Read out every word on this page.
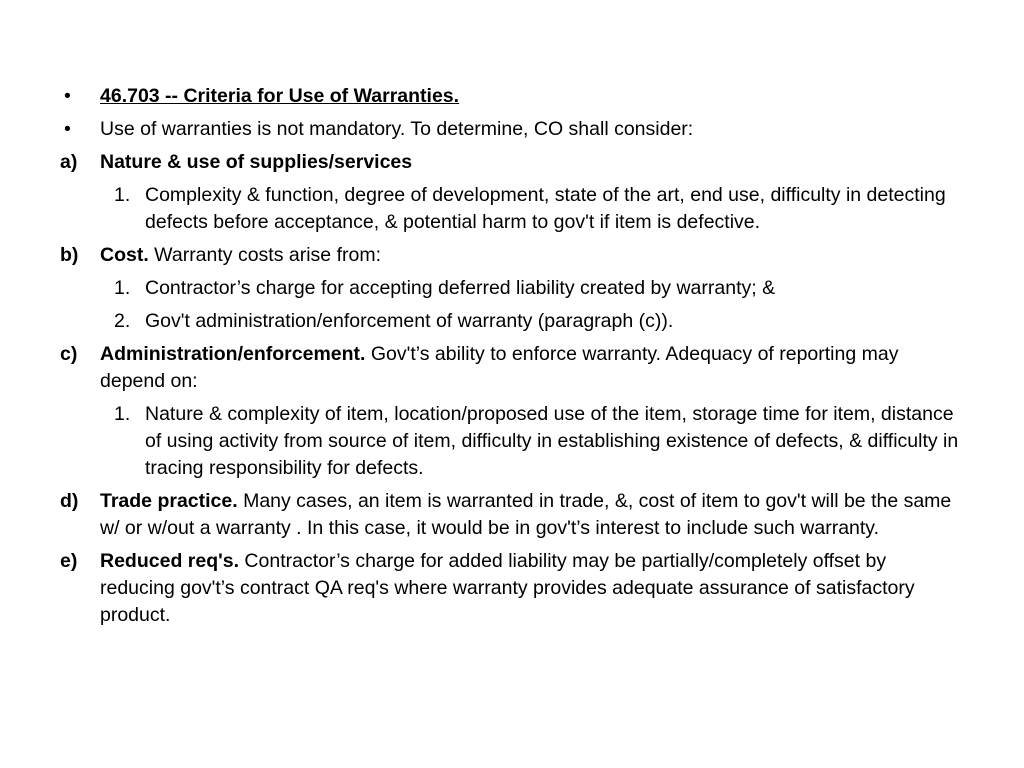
•	46.703 -- Criteria for Use of Warranties.
•	Use of warranties is not mandatory. To determine, CO shall consider:
a)	Nature & use of supplies/services
1. Complexity & function, degree of development, state of the art, end use, difficulty in detecting defects before acceptance, & potential harm to gov't if item is defective.
b)	Cost. Warranty costs arise from:
1. Contractor’s charge for accepting deferred liability created by warranty; &
2. Gov't administration/enforcement of warranty (paragraph (c)).
c)	Administration/enforcement. Gov't’s ability to enforce warranty. Adequacy of reporting may depend on:
1. Nature & complexity of item, location/proposed use of the item, storage time for item, distance of using activity from source of item, difficulty in establishing existence of defects, & difficulty in tracing responsibility for defects.
d)	Trade practice. Many cases, an item is warranted in trade, &, cost of item to gov't will be the same w/ or w/out a warranty . In this case, it would be in gov't’s interest to include such warranty.
e)	Reduced req's. Contractor’s charge for added liability may be partially/completely offset by reducing gov't’s contract QA req's where warranty provides adequate assurance of satisfactory product.
